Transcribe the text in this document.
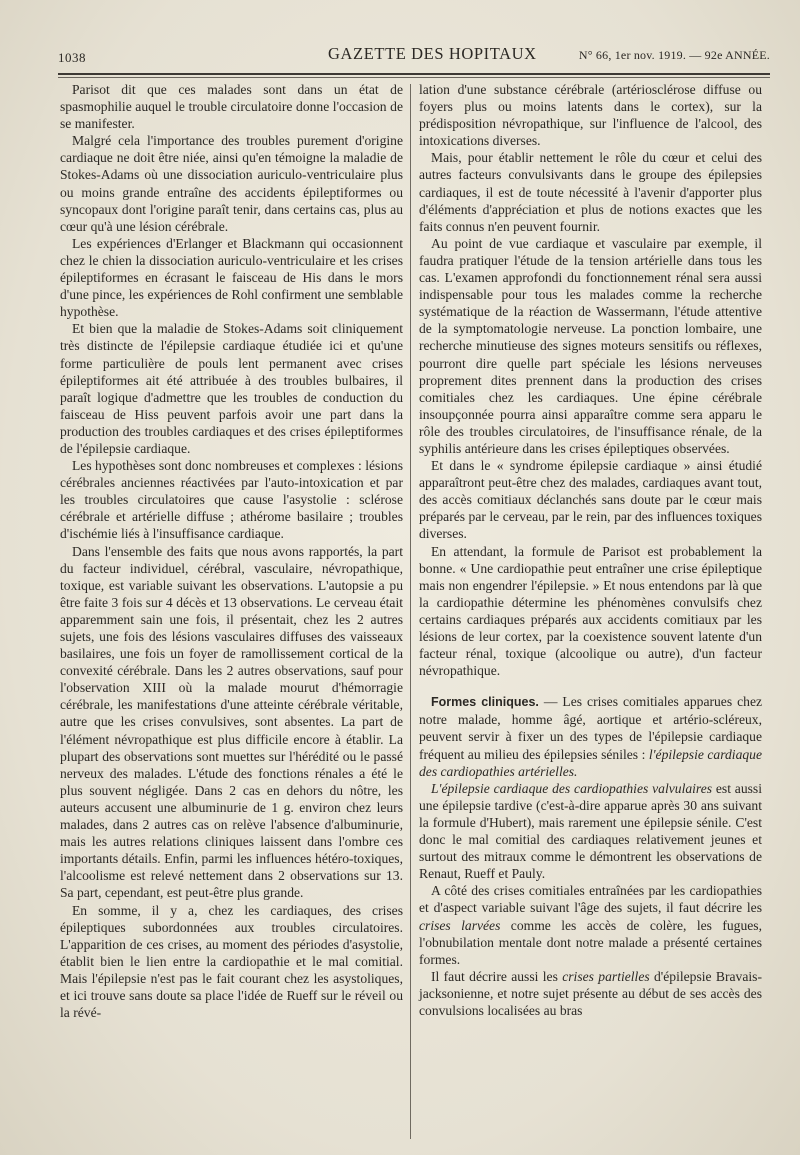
1038	GAZETTE DES HOPITAUX	N° 66, 1er nov. 1919. — 92e ANNÉE.

Parisot dit que ces malades sont dans un état de spasmophilie auquel le trouble circulatoire donne l'occasion de se manifester.

Malgré cela l'importance des troubles purement d'origine cardiaque ne doit être niée, ainsi qu'en témoigne la maladie de Stokes-Adams où une dissociation auriculo-ventriculaire plus ou moins grande entraîne des accidents épileptiformes ou syncopaux dont l'origine paraît tenir, dans certains cas, plus au cœur qu'à une lésion cérébrale.

Les expériences d'Erlanger et Blackmann qui occasionnent chez le chien la dissociation auriculo-ventriculaire et les crises épileptiformes en écrasant le faisceau de His dans le mors d'une pince, les expériences de Rohl confirment une semblable hypothèse.

Et bien que la maladie de Stokes-Adams soit cliniquement très distincte de l'épilepsie cardiaque étudiée ici et qu'une forme particulière de pouls lent permanent avec crises épileptiformes ait été attribuée à des troubles bulbaires, il paraît logique d'admettre que les troubles de conduction du faisceau de Hiss peuvent parfois avoir une part dans la production des troubles cardiaques et des crises épileptiformes de l'épilepsie cardiaque.

Les hypothèses sont donc nombreuses et complexes : lésions cérébrales anciennes réactivées par l'auto-intoxication et par les troubles circulatoires que cause l'asystolie : sclérose cérébrale et artérielle diffuse ; athérome basilaire ; troubles d'ischémie liés à l'insuffisance cardiaque.

Dans l'ensemble des faits que nous avons rapportés, la part du facteur individuel, cérébral, vasculaire, névropathique, toxique, est variable suivant les observations. L'autopsie a pu être faite 3 fois sur 4 décès et 13 observations. Le cerveau était apparemment sain une fois, il présentait, chez les 2 autres sujets, une fois des lésions vasculaires diffuses des vaisseaux basilaires, une fois un foyer de ramollissement cortical de la convexité cérébrale. Dans les 2 autres observations, sauf pour l'observation XIII où la malade mourut d'hémorragie cérébrale, les manifestations d'une atteinte cérébrale véritable, autre que les crises convulsives, sont absentes. La part de l'élément névropathique est plus difficile encore à établir. La plupart des observations sont muettes sur l'hérédité ou le passé nerveux des malades. L'étude des fonctions rénales a été le plus souvent négligée. Dans 2 cas en dehors du nôtre, les auteurs accusent une albuminurie de 1 g. environ chez leurs malades, dans 2 autres cas on relève l'absence d'albuminurie, mais les autres relations cliniques laissent dans l'ombre ces importants détails. Enfin, parmi les influences hétéro-toxiques, l'alcoolisme est relevé nettement dans 2 observations sur 13. Sa part, cependant, est peut-être plus grande.

En somme, il y a, chez les cardiaques, des crises épileptiques subordonnées aux troubles circulatoires. L'apparition de ces crises, au moment des périodes d'asystolie, établit bien le lien entre la cardiopathie et le mal comitial. Mais l'épilepsie n'est pas le fait courant chez les asystoliques, et ici trouve sans doute sa place l'idée de Rueff sur le réveil ou la révé-

lation d'une substance cérébrale (artériosclérose diffuse ou foyers plus ou moins latents dans le cortex), sur la prédisposition névropathique, sur l'influence de l'alcool, des intoxications diverses.

Mais, pour établir nettement le rôle du cœur et celui des autres facteurs convulsivants dans le groupe des épilepsies cardiaques, il est de toute nécessité à l'avenir d'apporter plus d'éléments d'appréciation et plus de notions exactes que les faits connus n'en peuvent fournir.

Au point de vue cardiaque et vasculaire par exemple, il faudra pratiquer l'étude de la tension artérielle dans tous les cas. L'examen approfondi du fonctionnement rénal sera aussi indispensable pour tous les malades comme la recherche systématique de la réaction de Wassermann, l'étude attentive de la symptomatologie nerveuse. La ponction lombaire, une recherche minutieuse des signes moteurs sensitifs ou réflexes, pourront dire quelle part spéciale les lésions nerveuses proprement dites prennent dans la production des crises comitiales chez les cardiaques. Une épine cérébrale insoupçonnée pourra ainsi apparaître comme sera apparu le rôle des troubles circulatoires, de l'insuffisance rénale, de la syphilis antérieure dans les crises épileptiques observées.

Et dans le « syndrome épilepsie cardiaque » ainsi étudié apparaîtront peut-être chez des malades, cardiaques avant tout, des accès comitiaux déclanchés sans doute par le cœur mais préparés par le cerveau, par le rein, par des influences toxiques diverses.

En attendant, la formule de Parisot est probablement la bonne. « Une cardiopathie peut entraîner une crise épileptique mais non engendrer l'épilepsie. » Et nous entendons par là que la cardiopathie détermine les phénomènes convulsifs chez certains cardiaques préparés aux accidents comitiaux par les lésions de leur cortex, par la coexistence souvent latente d'un facteur rénal, toxique (alcoolique ou autre), d'un facteur névropathique.

Formes cliniques. — Les crises comitiales apparues chez notre malade, homme âgé, aortique et artério-scléreux, peuvent servir à fixer un des types de l'épilepsie cardiaque fréquent au milieu des épilepsies séniles : l'épilepsie cardiaque des cardiopathies artérielles.

L'épilepsie cardiaque des cardiopathies valvulaires est aussi une épilepsie tardive (c'est-à-dire apparue après 30 ans suivant la formule d'Hubert), mais rarement une épilepsie sénile. C'est donc le mal comitial des cardiaques relativement jeunes et surtout des mitraux comme le démontrent les observations de Renaut, Rueff et Pauly.

A côté des crises comitiales entraînées par les cardiopathies et d'aspect variable suivant l'âge des sujets, il faut décrire les crises larvées comme les accès de colère, les fugues, l'obnubilation mentale dont notre malade a présenté certaines formes.

Il faut décrire aussi les crises partielles d'épilepsie Bravais-jacksonienne, et notre sujet présente au début de ses accès des convulsions localisées au bras
